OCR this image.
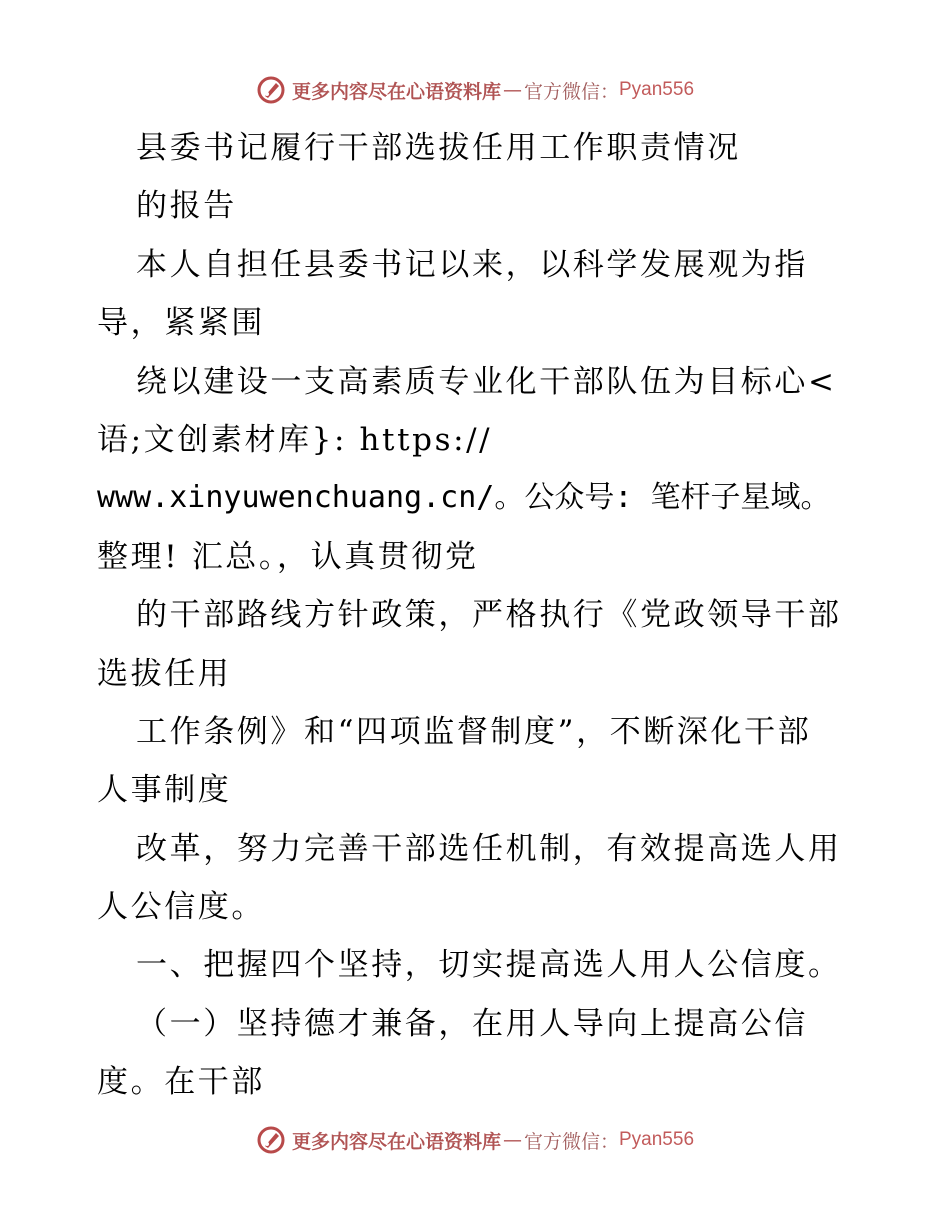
更多内容尽在心语资料库 — 官方微信： Pyan556
县委书记履行干部选拔任用工作职责情况
的报告
本人自担任县委书记以来，以科学发展观为指
导，紧紧围
绕以建设一支高素质专业化干部队伍为目标心<
语;文创素材库}: https://
www.xinyuwenchuang.cn/。公众号: 笔杆子星域。
整理! 汇总。，认真贯彻党
的干部路线方针政策，严格执行《党政领导干部
选拔任用
工作条例》和“四项监督制度”，不断深化干部
人事制度
改革，努力完善干部选任机制，有效提高选人用
人公信度。
一、把握四个坚持，切实提高选人用人公信度。
（一）坚持德才兼备，在用人导向上提高公信
度。在干部
更多内容尽在心语资料库 — 官方微信： Pyan556
